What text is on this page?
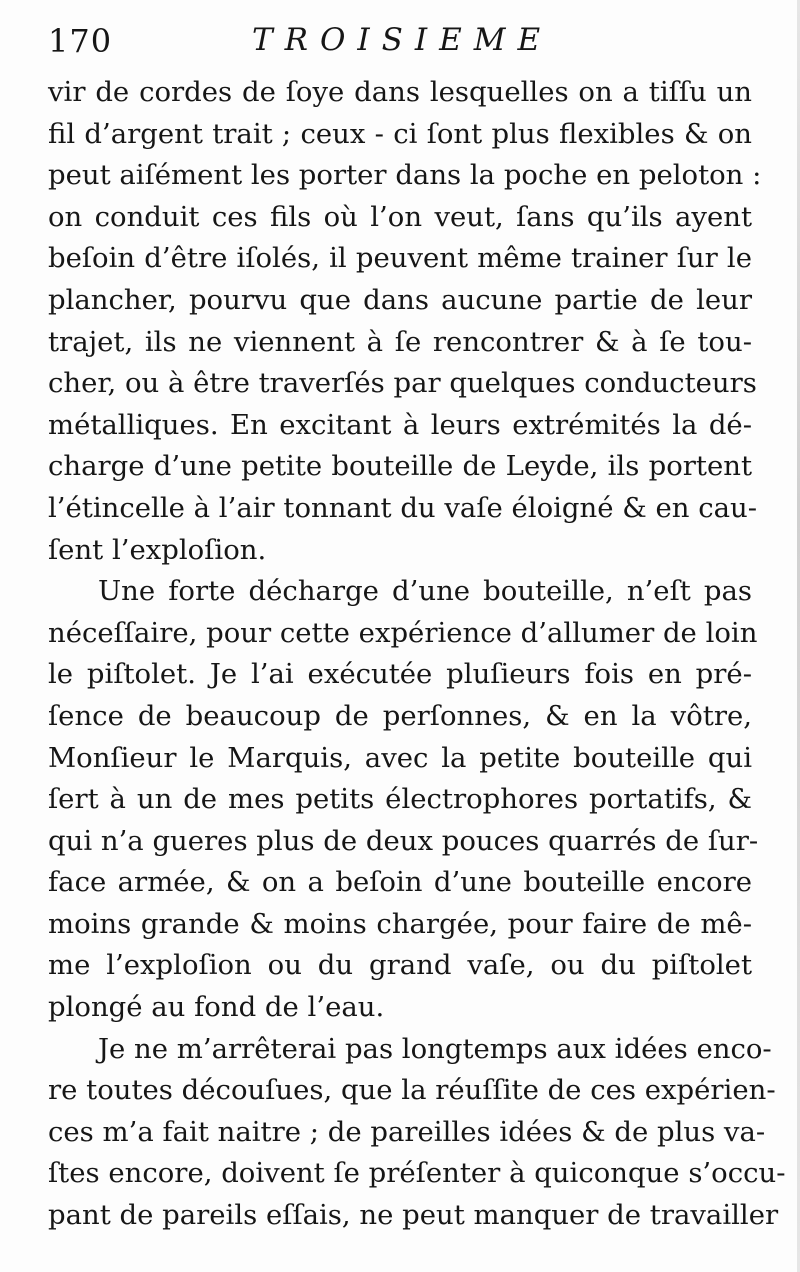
170	TROISIEME
vir de cordes de ſoye dans lesquelles on a tiſſu un
fil d’argent trait ; ceux - ci ſont plus flexibles & on
peut aiſément les porter dans la poche en peloton :
on conduit ces fils où l’on veut, ſans qu’ils ayent
beſoin d’être iſolés, il peuvent même trainer ſur le
plancher, pourvu que dans aucune partie de leur
trajet, ils ne viennent à ſe rencontrer & à ſe tou-
cher, ou à être traverſés par quelques conducteurs
métalliques. En excitant à leurs extrémités la dé-
charge d’une petite bouteille de Leyde, ils portent
l’étincelle à l’air tonnant du vaſe éloigné & en cau-
ſent l’exploſion.
Une forte décharge d’une bouteille, n’eſt pas
néceſſaire, pour cette expérience d’allumer de loin
le piſtolet. Je l’ai exécutée pluſieurs fois en pré-
ſence de beaucoup de perſonnes, & en la vôtre,
Monſieur le Marquis, avec la petite bouteille qui
ſert à un de mes petits électrophores portatifs, &
qui n’a gueres plus de deux pouces quarrés de ſur-
face armée, & on a beſoin d’une bouteille encore
moins grande & moins chargée, pour faire de mê-
me l’exploſion ou du grand vaſe, ou du piſtolet
plongé au fond de l’eau.
Je ne m’arrêterai pas longtemps aux idées enco-
re toutes découſues, que la réuſſite de ces expérien-
ces m’a fait naitre ; de pareilles idées & de plus va-
ſtes encore, doivent ſe préſenter à quiconque s’occu-
pant de pareils eſſais, ne peut manquer de travailler
